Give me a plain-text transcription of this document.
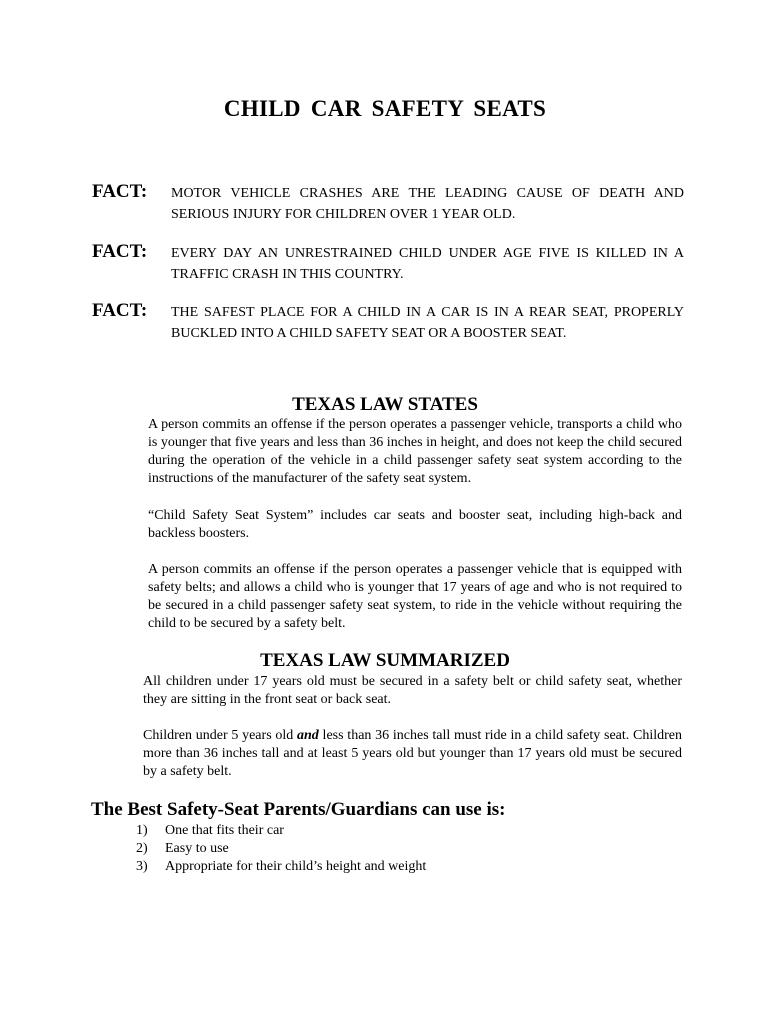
CHILD CAR SAFETY SEATS
FACT: MOTOR VEHICLE CRASHES ARE THE LEADING CAUSE OF DEATH AND SERIOUS INJURY FOR CHILDREN OVER 1 YEAR OLD.
FACT: EVERY DAY AN UNRESTRAINED CHILD UNDER AGE FIVE IS KILLED IN A TRAFFIC CRASH IN THIS COUNTRY.
FACT: THE SAFEST PLACE FOR A CHILD IN A CAR IS IN A REAR SEAT, PROPERLY BUCKLED INTO A CHILD SAFETY SEAT OR A BOOSTER SEAT.
TEXAS LAW STATES
A person commits an offense if the person operates a passenger vehicle, transports a child who is younger that five years and less than 36 inches in height, and does not keep the child secured during the operation of the vehicle in a child passenger safety seat system according to the instructions of the manufacturer of the safety seat system.
“Child Safety Seat System” includes car seats and booster seat, including high-back and backless boosters.
A person commits an offense if the person operates a passenger vehicle that is equipped with safety belts; and allows a child who is younger that 17 years of age and who is not required to be secured in a child passenger safety seat system, to ride in the vehicle without requiring the child to be secured by a safety belt.
TEXAS LAW SUMMARIZED
All children under 17 years old must be secured in a safety belt or child safety seat, whether they are sitting in the front seat or back seat.
Children under 5 years old and less than 36 inches tall must ride in a child safety seat. Children more than 36 inches tall and at least 5 years old but younger than 17 years old must be secured by a safety belt.
The Best Safety-Seat Parents/Guardians can use is:
1)	One that fits their car
2)	Easy to use
3)	Appropriate for their child’s height and weight
